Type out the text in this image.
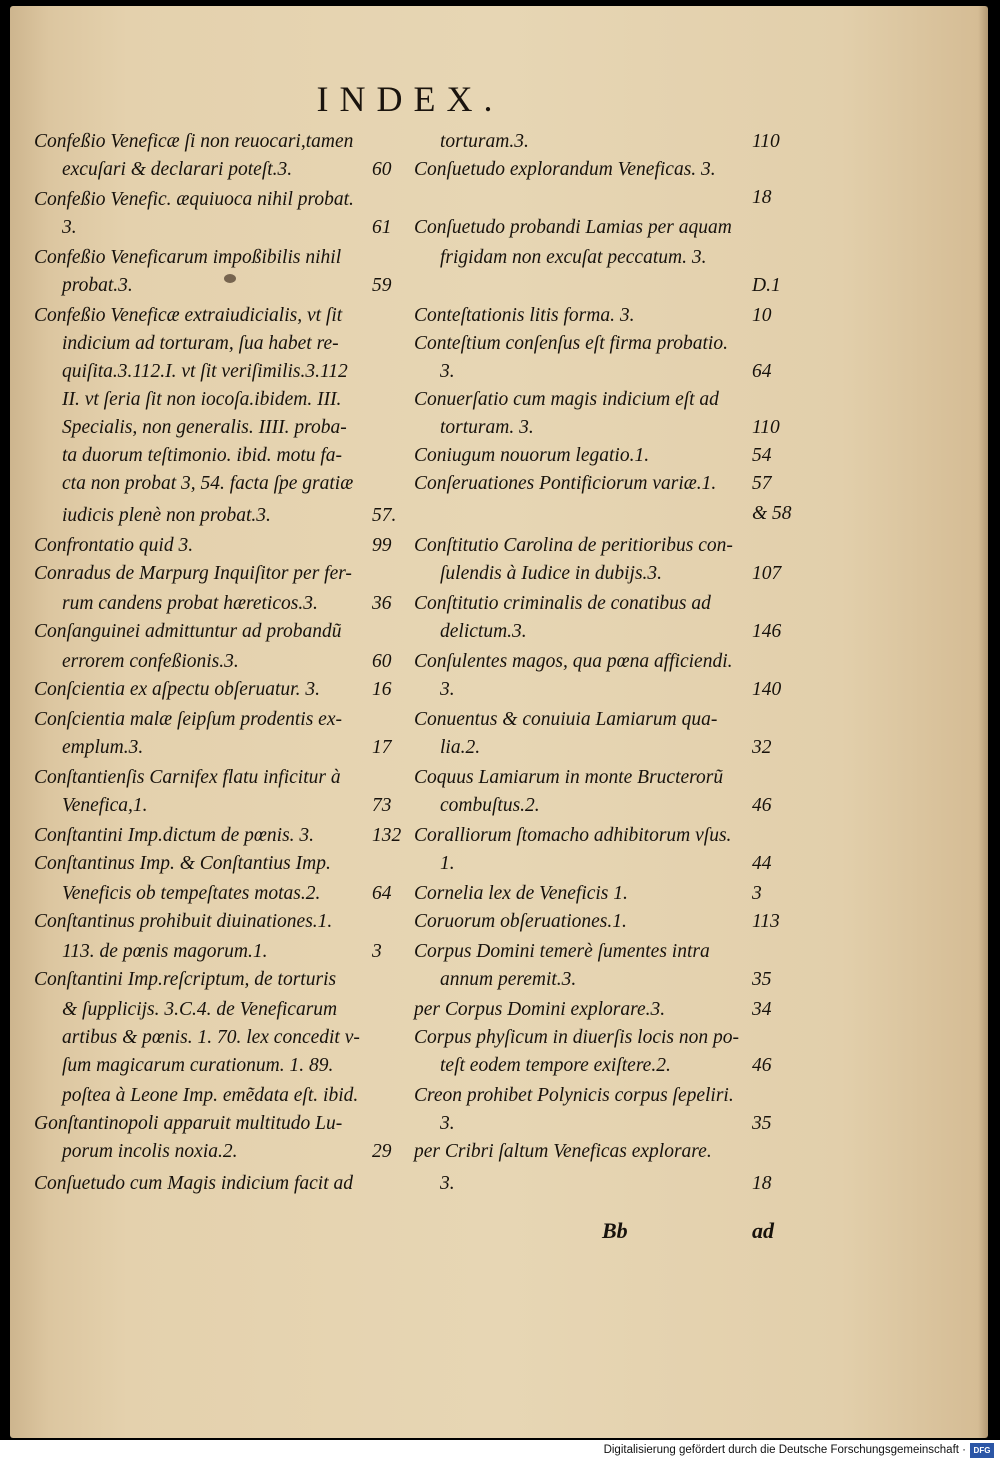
INDEX.
Bb	ad
Digitalisierung gefördert durch die Deutsche Forschungsgemeinschaft · DFG
Confeßio Veneficæ ſi non reuocari,tamen
excuſari & declarari poteſt.3.
Confeßio Venefic. æquiuoca nihil probat.
3.
Confeßio Veneficarum impoßibilis nihil
probat.3.
Confeßio Veneficæ extraiudicialis, vt ſit
indicium ad torturam, ſua habet re-
quiſita.3.112.I. vt ſit veriſimilis.3.112
II. vt ſeria ſit non iocoſa.ibidem. III.
Specialis, non generalis. IIII. proba-
ta duorum teſtimonio. ibid. motu fa-
cta non probat 3, 54. facta ſpe gratiæ
iudicis plenè non probat.3.
Confrontatio quid 3.
Conradus de Marpurg Inquiſitor per fer-
rum candens probat hæreticos.3.
Conſanguinei admittuntur ad probandũ
errorem confeßionis.3.
Conſcientia ex aſpectu obſeruatur. 3.
Conſcientia malæ ſeipſum prodentis ex-
emplum.3.
Conſtantienſis Carnifex flatu inficitur à
Venefica,1.
Conſtantini Imp.dictum de pœnis. 3.
Conſtantinus Imp. & Conſtantius Imp.
Veneficis ob tempeſtates motas.2.
Conſtantinus prohibuit diuinationes.1.
113. de pœnis magorum.1.
Conſtantini Imp.reſcriptum, de torturis
& ſupplicijs. 3.C.4. de Veneficarum
artibus & pœnis. 1. 70. lex concedit v-
ſum magicarum curationum. 1. 89.
poſtea à Leone Imp. emẽdata eſt. ibid.
Gonſtantinopoli apparuit multitudo Lu-
porum incolis noxia.2.
Conſuetudo cum Magis indicium facit ad
torturam.3.
Conſuetudo explorandum Veneficas. 3.
Conſuetudo probandi Lamias per aquam
frigidam non excuſat peccatum. 3.
Conteſtationis litis forma. 3.
Conteſtium conſenſus eſt firma probatio.
3.
Conuerſatio cum magis indicium eſt ad
torturam. 3.
Coniugum nouorum legatio.1.
Conſeruationes Pontificiorum variæ.1.
Conſtitutio Carolina de peritioribus con-
ſulendis à Iudice in dubijs.3.
Conſtitutio criminalis de conatibus ad
delictum.3.
Conſulentes magos, qua pœna afficiendi.
3.
Conuentus & conuiuia Lamiarum qua-
lia.2.
Coquus Lamiarum in monte Bructerorũ
combuſtus.2.
Coralliorum ſtomacho adhibitorum vſus.
1.
Cornelia lex de Veneficis 1.
Coruorum obſeruationes.1.
Corpus Domini temerè ſumentes intra
annum peremit.3.
per Corpus Domini explorare.3.
Corpus phyſicum in diuerſis locis non po-
teſt eodem tempore exiſtere.2.
Creon prohibet Polynicis corpus ſepeliri.
3.
per Cribri ſaltum Veneficas explorare.
3.
60
61
59
57.
99
36
60
16
17
73
132
64
3
29
110
18
D.1
10
64
110
54
57
& 58
107
146
140
32
46
44
3
113
35
34
46
35
18
